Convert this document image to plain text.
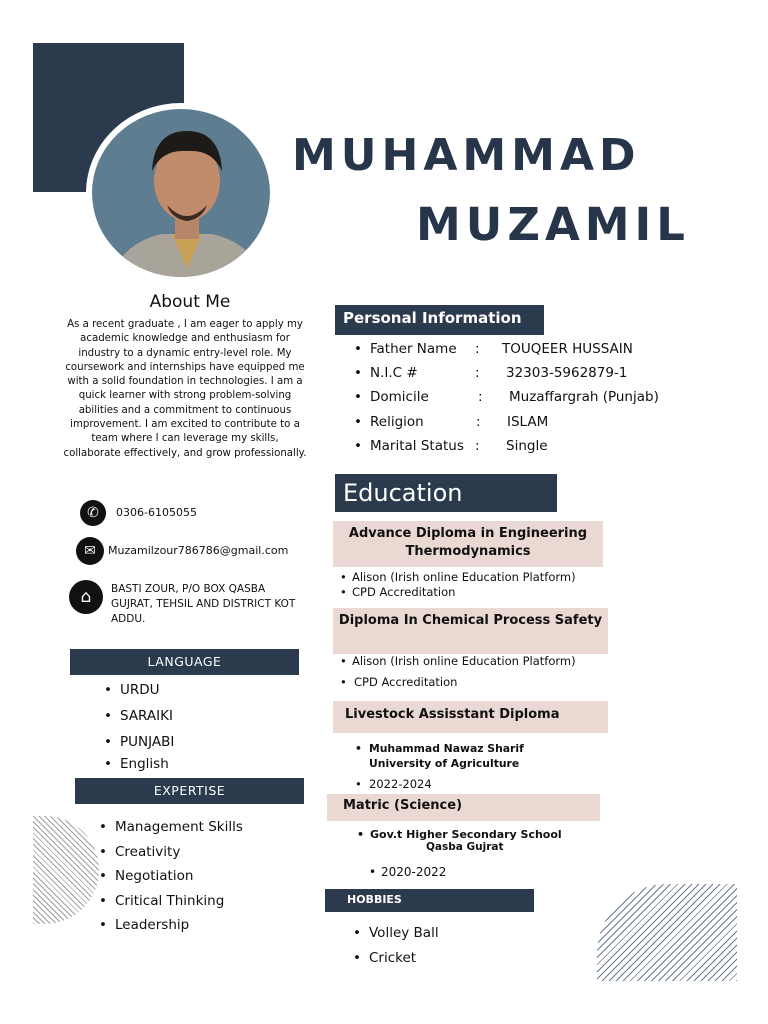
MUHAMMAD
MUZAMIL
About Me
As a recent graduate , I am eager to apply my academic knowledge and enthusiasm for industry to a dynamic entry-level role. My coursework and internships have equipped me with a solid foundation in technologies. I am a quick learner with strong problem-solving abilities and a commitment to continuous improvement. I am excited to contribute to a team where I can leverage my skills, collaborate effectively, and grow professionally.
✆	0306-6105055
✉	Muzamilzour786786@gmail.com
⌂	BASTI ZOUR, P/O BOX QASBA GUJRAT, TEHSIL AND DISTRICT KOT ADDU.
LANGUAGE
• URDU
• SARAIKI
• PUNJABI
• English
EXPERTISE
• Management Skills
• Creativity
• Negotiation
• Critical Thinking
• Leadership
Personal Information
• Father Name : TOUQEER HUSSAIN
• N.I.C #	: 32303-5962879-1
• Domicile	: Muzaffargrah (Punjab)
• Religion	: ISLAM
• Marital Status : Single
Education
Advance Diploma in Engineering Thermodynamics
• Alison (Irish online Education Platform)
• CPD Accreditation
Diploma In Chemical Process Safety
• Alison (Irish online Education Platform)
• CPD Accreditation
Livestock Assisstant Diploma
• Muhammad Nawaz Sharif University of Agriculture
• 2022-2024
Matric (Science)
• Gov.t Higher Secondary School
Qasba Gujrat
• 2020-2022
HOBBIES
• Volley Ball
• Cricket
